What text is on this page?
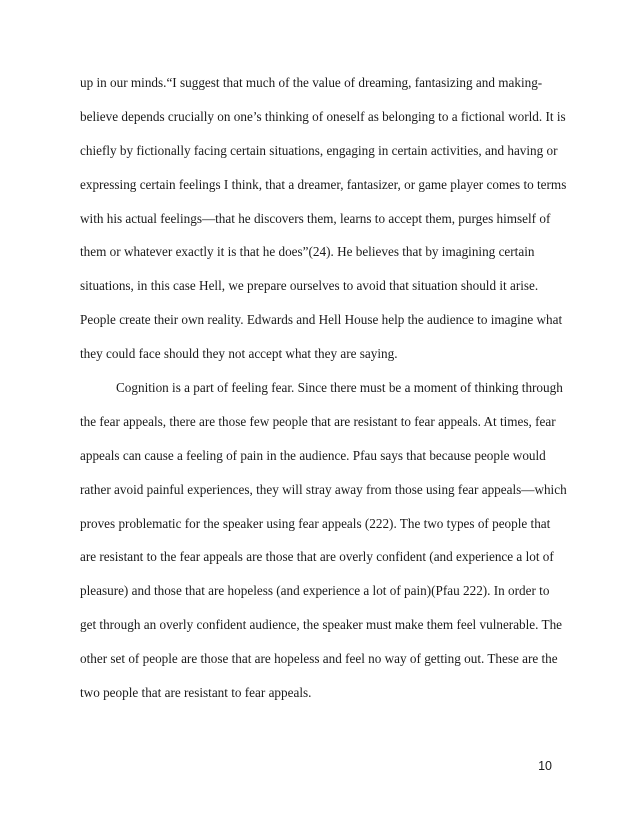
up in our minds.“I suggest that much of the value of dreaming, fantasizing and making-
believe depends crucially on one’s thinking of oneself as belonging to a fictional world. It is
chiefly by fictionally facing certain situations, engaging in certain activities, and having or
expressing certain feelings I think, that a dreamer, fantasizer, or game player comes to terms
with his actual feelings—that he discovers them, learns to accept them, purges himself of
them or whatever exactly it is that he does”(24). He believes that by imagining certain
situations, in this case Hell, we prepare ourselves to avoid that situation should it arise.
People create their own reality. Edwards and Hell House help the audience to imagine what
they could face should they not accept what they are saying.
Cognition is a part of feeling fear. Since there must be a moment of thinking through
the fear appeals, there are those few people that are resistant to fear appeals. At times, fear
appeals can cause a feeling of pain in the audience. Pfau says that because people would
rather avoid painful experiences, they will stray away from those using fear appeals—which
proves problematic for the speaker using fear appeals (222). The two types of people that
are resistant to the fear appeals are those that are overly confident (and experience a lot of
pleasure) and those that are hopeless (and experience a lot of pain)(Pfau 222). In order to
get through an overly confident audience, the speaker must make them feel vulnerable. The
other set of people are those that are hopeless and feel no way of getting out. These are the
two people that are resistant to fear appeals.
10
